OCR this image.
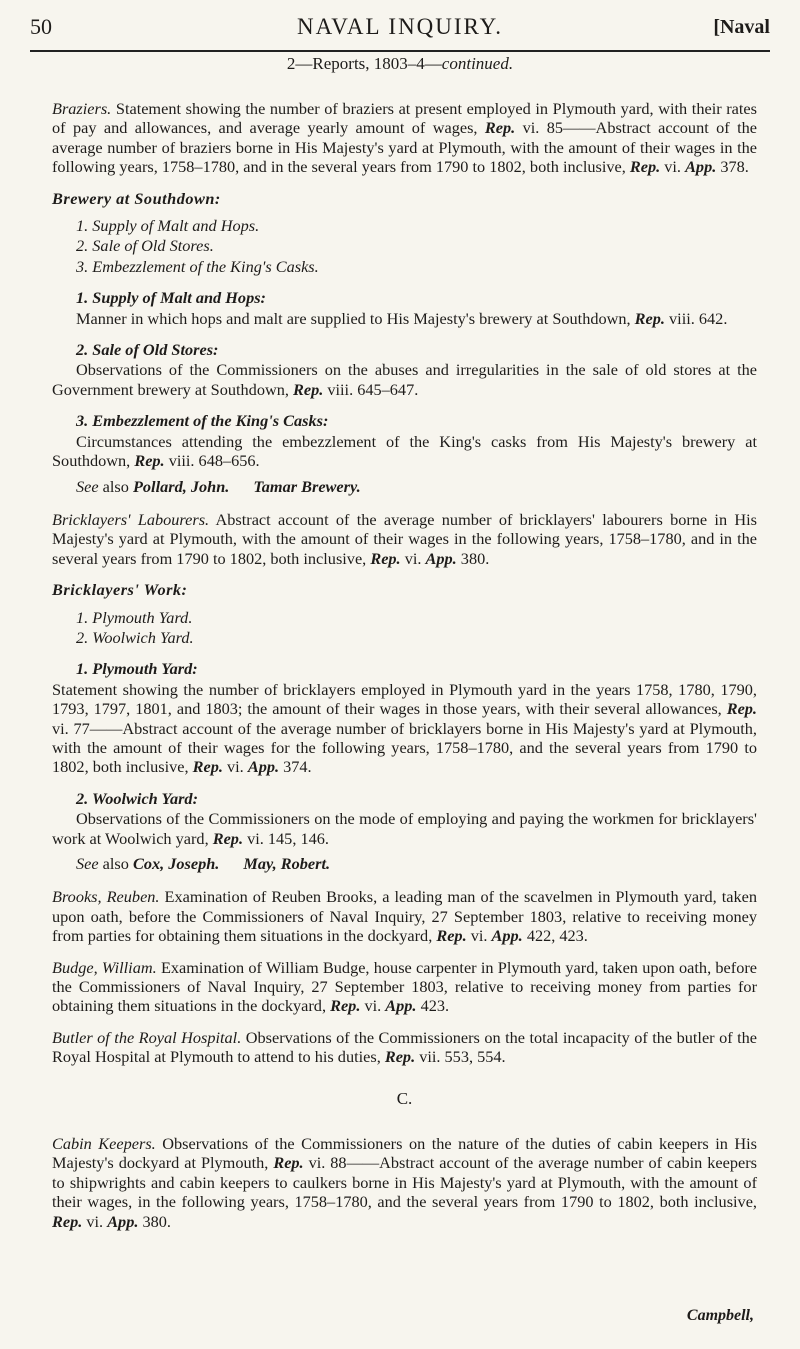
50	NAVAL INQUIRY.	[Naval
2—Reports, 1803–4—continued.

Braziers. Statement showing the number of braziers at present employed in Plymouth yard, with their rates of pay and allowances, and average yearly amount of wages, Rep. vi. 85——Abstract account of the average number of braziers borne in His Majesty's yard at Plymouth, with the amount of their wages in the following years, 1758–1780, and in the several years from 1790 to 1802, both inclusive, Rep. vi. App. 378.

Brewery at Southdown:

1. Supply of Malt and Hops.
2. Sale of Old Stores.
3. Embezzlement of the King's Casks.
1. Supply of Malt and Hops:

Manner in which hops and malt are supplied to His Majesty's brewery at Southdown, Rep. viii. 642.

2. Sale of Old Stores:

Observations of the Commissioners on the abuses and irregularities in the sale of old stores at the Government brewery at Southdown, Rep. viii. 645–647.

3. Embezzlement of the King's Casks:

Circumstances attending the embezzlement of the King's casks from His Majesty's brewery at Southdown, Rep. viii. 648–656.

See also Pollard, John. Tamar Brewery.

Bricklayers' Labourers. Abstract account of the average number of bricklayers' labourers borne in His Majesty's yard at Plymouth, with the amount of their wages in the following years, 1758–1780, and in the several years from 1790 to 1802, both inclusive, Rep. vi. App. 380.

Bricklayers' Work:

1. Plymouth Yard.
2. Woolwich Yard.
1. Plymouth Yard:

Statement showing the number of bricklayers employed in Plymouth yard in the years 1758, 1780, 1790, 1793, 1797, 1801, and 1803; the amount of their wages in those years, with their several allowances, Rep. vi. 77——Abstract account of the average number of bricklayers borne in His Majesty's yard at Plymouth, with the amount of their wages for the following years, 1758–1780, and the several years from 1790 to 1802, both inclusive, Rep. vi. App. 374.

2. Woolwich Yard:

Observations of the Commissioners on the mode of employing and paying the workmen for bricklayers' work at Woolwich yard, Rep. vi. 145, 146.

See also Cox, Joseph. May, Robert.

Brooks, Reuben. Examination of Reuben Brooks, a leading man of the scavelmen in Plymouth yard, taken upon oath, before the Commissioners of Naval Inquiry, 27 September 1803, relative to receiving money from parties for obtaining them situations in the dockyard, Rep. vi. App. 422, 423.

Budge, William. Examination of William Budge, house carpenter in Plymouth yard, taken upon oath, before the Commissioners of Naval Inquiry, 27 September 1803, relative to receiving money from parties for obtaining them situations in the dockyard, Rep. vi. App. 423.

Butler of the Royal Hospital. Observations of the Commissioners on the total incapacity of the butler of the Royal Hospital at Plymouth to attend to his duties, Rep. vii. 553, 554.

C.

Cabin Keepers. Observations of the Commissioners on the nature of the duties of cabin keepers in His Majesty's dockyard at Plymouth, Rep. vi. 88——Abstract account of the average number of cabin keepers to shipwrights and cabin keepers to caulkers borne in His Majesty's yard at Plymouth, with the amount of their wages, in the following years, 1758–1780, and the several years from 1790 to 1802, both inclusive, Rep. vi. App. 380.

Campbell,
